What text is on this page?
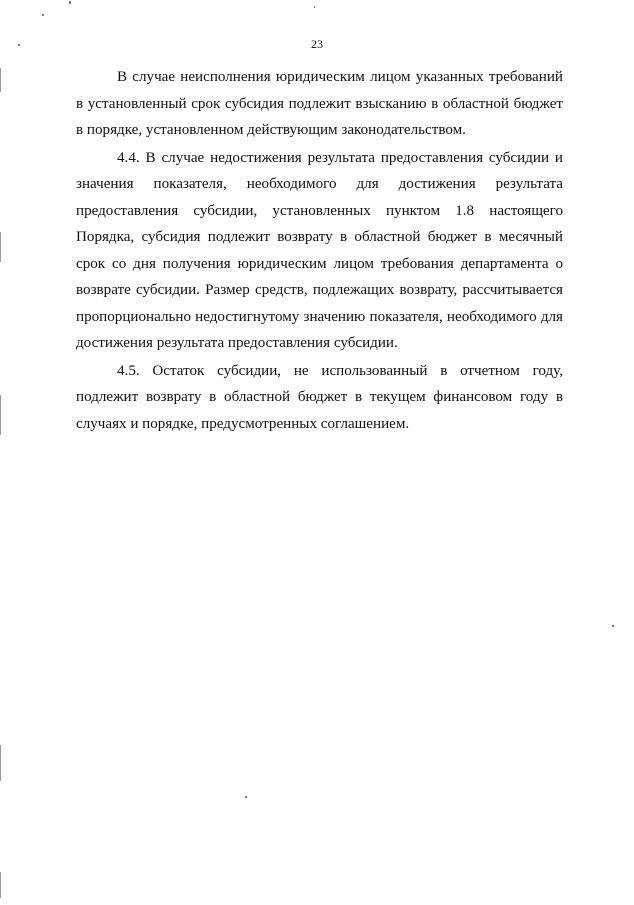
23

В случае неисполнения юридическим лицом указанных требований в установленный срок субсидия подлежит взысканию в областной бюджет в порядке, установленном действующим законодательством.

4.4. В случае недостижения результата предоставления субсидии и значения показателя, необходимого для достижения результата предоставления субсидии, установленных пунктом 1.8 настоящего Порядка, субсидия подлежит возврату в областной бюджет в месячный срок со дня получения юридическим лицом требования департамента о возврате субсидии. Размер средств, подлежащих возврату, рассчитывается пропорционально недостигнутому значению показателя, необходимого для достижения результата предоставления субсидии.

4.5. Остаток субсидии, не использованный в отчетном году, подлежит возврату в областной бюджет в текущем финансовом году в случаях и порядке, предусмотренных соглашением.
